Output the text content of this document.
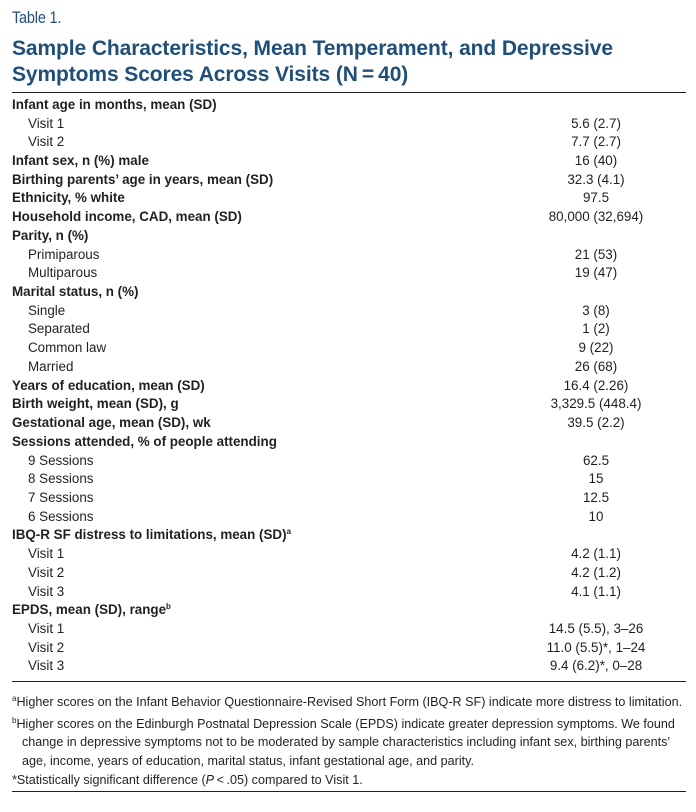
Table 1.
Sample Characteristics, Mean Temperament, and Depressive Symptoms Scores Across Visits (N = 40)
Infant age in months, mean (SD)
Visit 1	5.6 (2.7)
Visit 2	7.7 (2.7)
Infant sex, n (%) male	16 (40)
Birthing parents’ age in years, mean (SD)	32.3 (4.1)
Ethnicity, % white	97.5
Household income, CAD, mean (SD)	80,000 (32,694)
Parity, n (%)
Primiparous	21 (53)
Multiparous	19 (47)
Marital status, n (%)
Single	3 (8)
Separated	1 (2)
Common law	9 (22)
Married	26 (68)
Years of education, mean (SD)	16.4 (2.26)
Birth weight, mean (SD), g	3,329.5 (448.4)
Gestational age, mean (SD), wk	39.5 (2.2)
Sessions attended, % of people attending
9 Sessions	62.5
8 Sessions	15
7 Sessions	12.5
6 Sessions	10
IBQ-R SF distress to limitations, mean (SD)$^a$
Visit 1	4.2 (1.1)
Visit 2	4.2 (1.2)
Visit 3	4.1 (1.1)
EPDS, mean (SD), range$^b$
Visit 1	14.5 (5.5), 3–26
Visit 2	11.0 (5.5)*, 1–24
Visit 3	9.4 (6.2)*, 0–28
$^a$Higher scores on the Infant Behavior Questionnaire-Revised Short Form (IBQ-R SF) indicate more distress to limitation.
$^b$Higher scores on the Edinburgh Postnatal Depression Scale (EPDS) indicate greater depression symptoms. We found change in depressive symptoms not to be moderated by sample characteristics including infant sex, birthing parents’ age, income, years of education, marital status, infant gestational age, and parity.
*Statistically significant difference (P < .05) compared to Visit 1.
